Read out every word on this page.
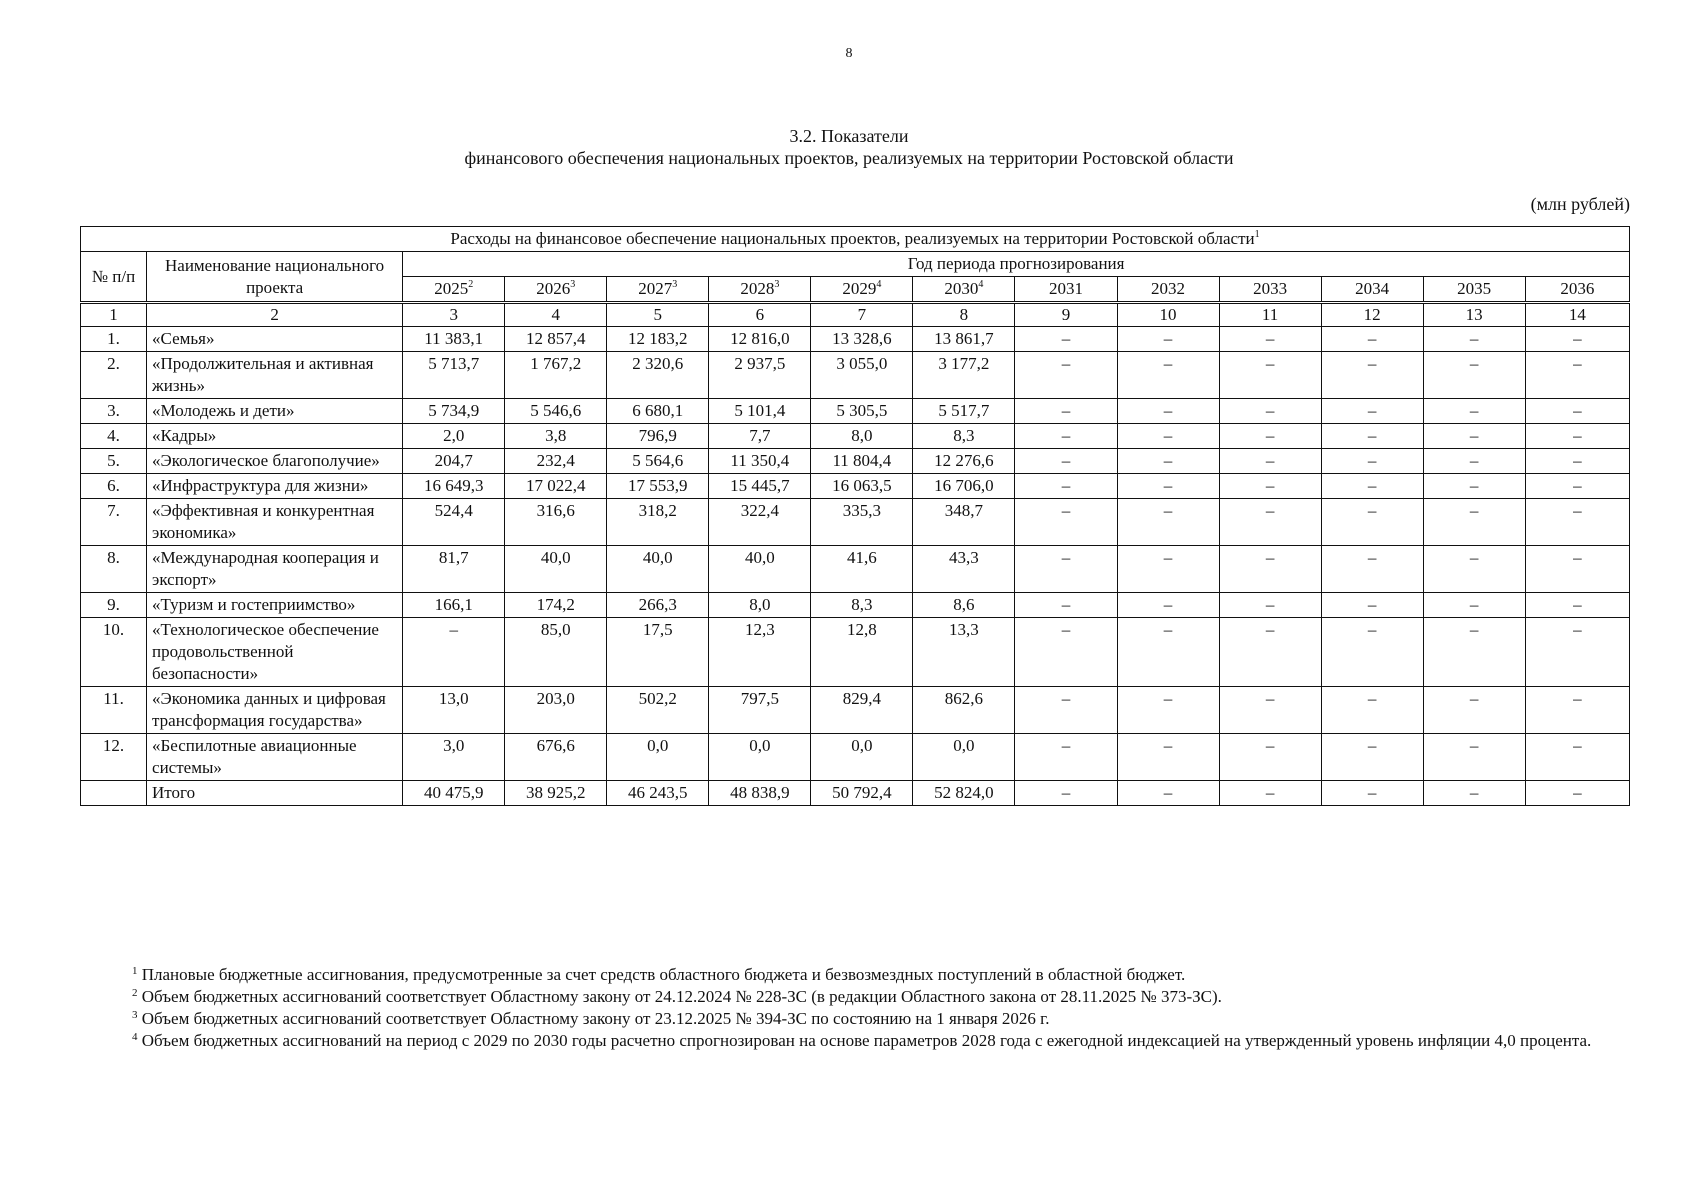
8
3.2. Показатели
финансового обеспечения национальных проектов, реализуемых на территории Ростовской области
(млн рублей)
Расходы на финансовое обеспечение национальных проектов, реализуемых на территории Ростовской области$^1$
№ п/п	Наименование национального проекта	Год периода прогнозирования											
		2025$^2$	2026$^3$	2027$^3$	2028$^3$	2029$^4$	2030$^4$	2031	2032	2033	2034	2035	2036
1	2	3	4	5	6	7	8	9	10	11	12	13	14
1.	«Семья»	11 383,1	12 857,4	12 183,2	12 816,0	13 328,6	13 861,7	–	–	–	–	–	–
2.	«Продолжительная и активная жизнь»	5 713,7	1 767,2	2 320,6	2 937,5	3 055,0	3 177,2	–	–	–	–	–	–
3.	«Молодежь и дети»	5 734,9	5 546,6	6 680,1	5 101,4	5 305,5	5 517,7	–	–	–	–	–	–
4.	«Кадры»	2,0	3,8	796,9	7,7	8,0	8,3	–	–	–	–	–	–
5.	«Экологическое благополучие»	204,7	232,4	5 564,6	11 350,4	11 804,4	12 276,6	–	–	–	–	–	–
6.	«Инфраструктура для жизни»	16 649,3	17 022,4	17 553,9	15 445,7	16 063,5	16 706,0	–	–	–	–	–	–
7.	«Эффективная и конкурентная экономика»	524,4	316,6	318,2	322,4	335,3	348,7	–	–	–	–	–	–
8.	«Международная кооперация и экспорт»	81,7	40,0	40,0	40,0	41,6	43,3	–	–	–	–	–	–
9.	«Туризм и гостеприимство»	166,1	174,2	266,3	8,0	8,3	8,6	–	–	–	–	–	–
10.	«Технологическое обеспечение продовольственной безопасности»	–	85,0	17,5	12,3	12,8	13,3	–	–	–	–	–	–
11.	«Экономика данных и цифровая трансформация государства»	13,0	203,0	502,2	797,5	829,4	862,6	–	–	–	–	–	–
12.	«Беспилотные авиационные системы»	3,0	676,6	0,0	0,0	0,0	0,0	–	–	–	–	–	–
	Итого	40 475,9	38 925,2	46 243,5	48 838,9	50 792,4	52 824,0	–	–	–	–	–	–

$^1$ Плановые бюджетные ассигнования, предусмотренные за счет средств областного бюджета и безвозмездных поступлений в областной бюджет.

$^2$ Объем бюджетных ассигнований соответствует Областному закону от 24.12.2024 № 228-ЗС (в редакции Областного закона от 28.11.2025 № 373-ЗС).

$^3$ Объем бюджетных ассигнований соответствует Областному закону от 23.12.2025 № 394-ЗС по состоянию на 1 января 2026 г.

$^4$ Объем бюджетных ассигнований на период с 2029 по 2030 годы расчетно спрогнозирован на основе параметров 2028 года с ежегодной индексацией на утвержденный уровень инфляции 4,0 процента.
